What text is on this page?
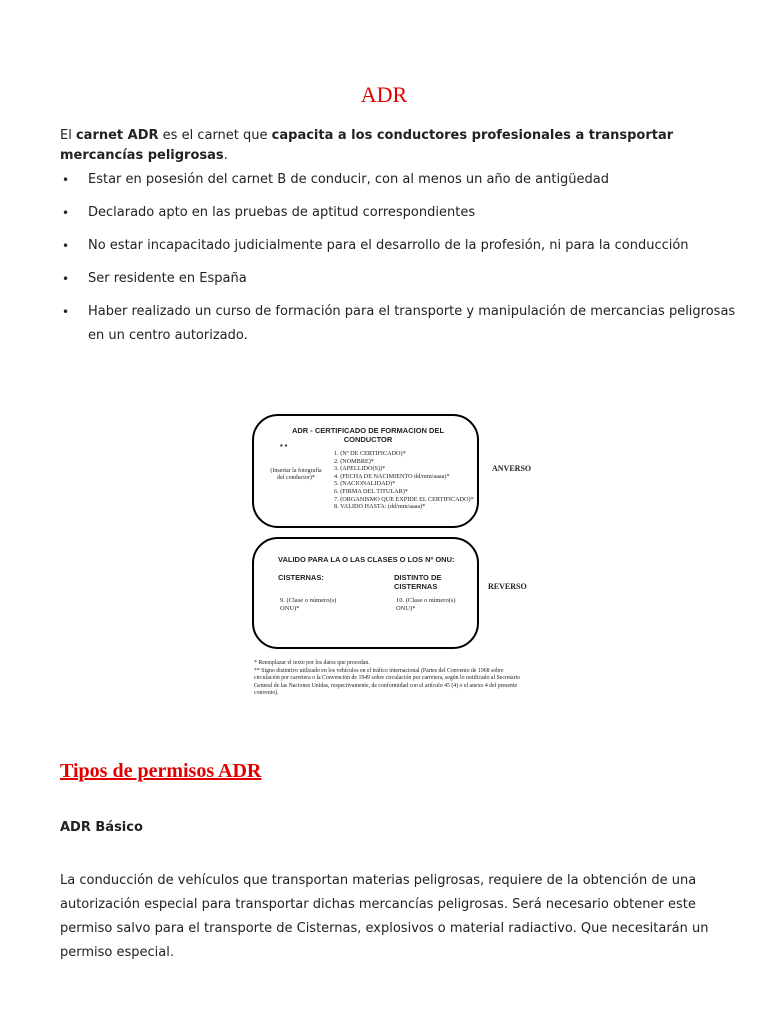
ADR
El carnet ADR es el carnet que capacita a los conductores profesionales a transportar mercancías peligrosas.
• Estar en posesión del carnet B de conducir, con al menos un año de antigüedad
• Declarado apto en las pruebas de aptitud correspondientes
• No estar incapacitado judicialmente para el desarrollo de la profesión, ni para la conducción
• Ser residente en España
• Haber realizado un curso de formación para el transporte y manipulación de mercancias peligrosas en un centro autorizado.
ADR - CERTIFICADO DE FORMACION DEL CONDUCTOR
* *
(Insertar la fotografía del conductor)*
1. (Nº DE CERTIFICADO)*
2. (NOMBRE)*
3. (APELLIDO(S))*
4. (FECHA DE NACIMIENTO dd/mm/aaaa)*
5. (NACIONALIDAD)*
6. (FIRMA DEL TITULAR)*
7. (ORGANISMO QUE EXPIDE EL CERTIFICADO)*
8. VALIDO HASTA: (dd/mm/aaaa)*
ANVERSO
VALIDO PARA LA O LAS CLASES O LOS Nº ONU:
CISTERNAS:
9. (Clase o número(s) ONU)*
DISTINTO DE CISTERNAS
10. (Clase o número(s) ONU)*
REVERSO
* Reemplazar el texto por los datos que procedan.
** Signo distintivo utilizado en los vehículos en el tráfico internacional (Partes del Convenio de 1968 sobre circulación por carretera o la Convención de 1949 sobre circulación por carretera, según lo notificado al Secretario General de las Naciones Unidas, respectivamente, de conformidad con el artículo 45 (4) o el anexo 4 del presente convenio).
Tipos de permisos ADR
ADR Básico
La conducción de vehículos que transportan materias peligrosas, requiere de la obtención de una autorización especial para transportar dichas mercancías peligrosas. Será necesario obtener este permiso salvo para el transporte de Cisternas, explosivos o material radiactivo. Que necesitarán un permiso especial.
